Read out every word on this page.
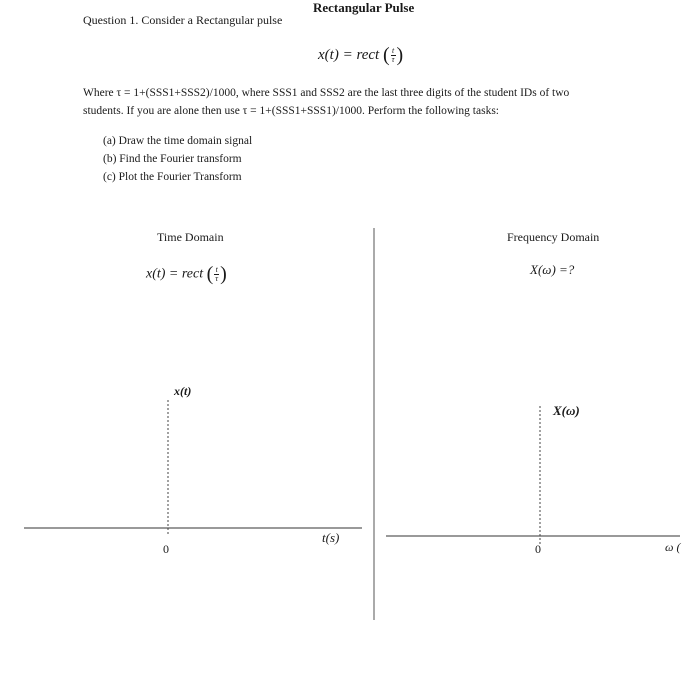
Rectangular Pulse
Question 1. Consider a Rectangular pulse
x(t) = rect ( $\frac{t}{\tau}$ )
Where τ = 1+(SSS1+SSS2)/1000, where SSS1 and SSS2 are the last three digits of the student IDs of two
students. If you are alone then use τ = 1+(SSS1+SSS1)/1000. Perform the following tasks:
(a) Draw the time domain signal
(b) Find the Fourier transform
(c) Plot the Fourier Transform
Time Domain	Frequency Domain
x(t) = rect ( $\frac{t}{\tau}$ )	X(ω) =?
x(t)
X(ω)
0	0
t(s)
ω (
